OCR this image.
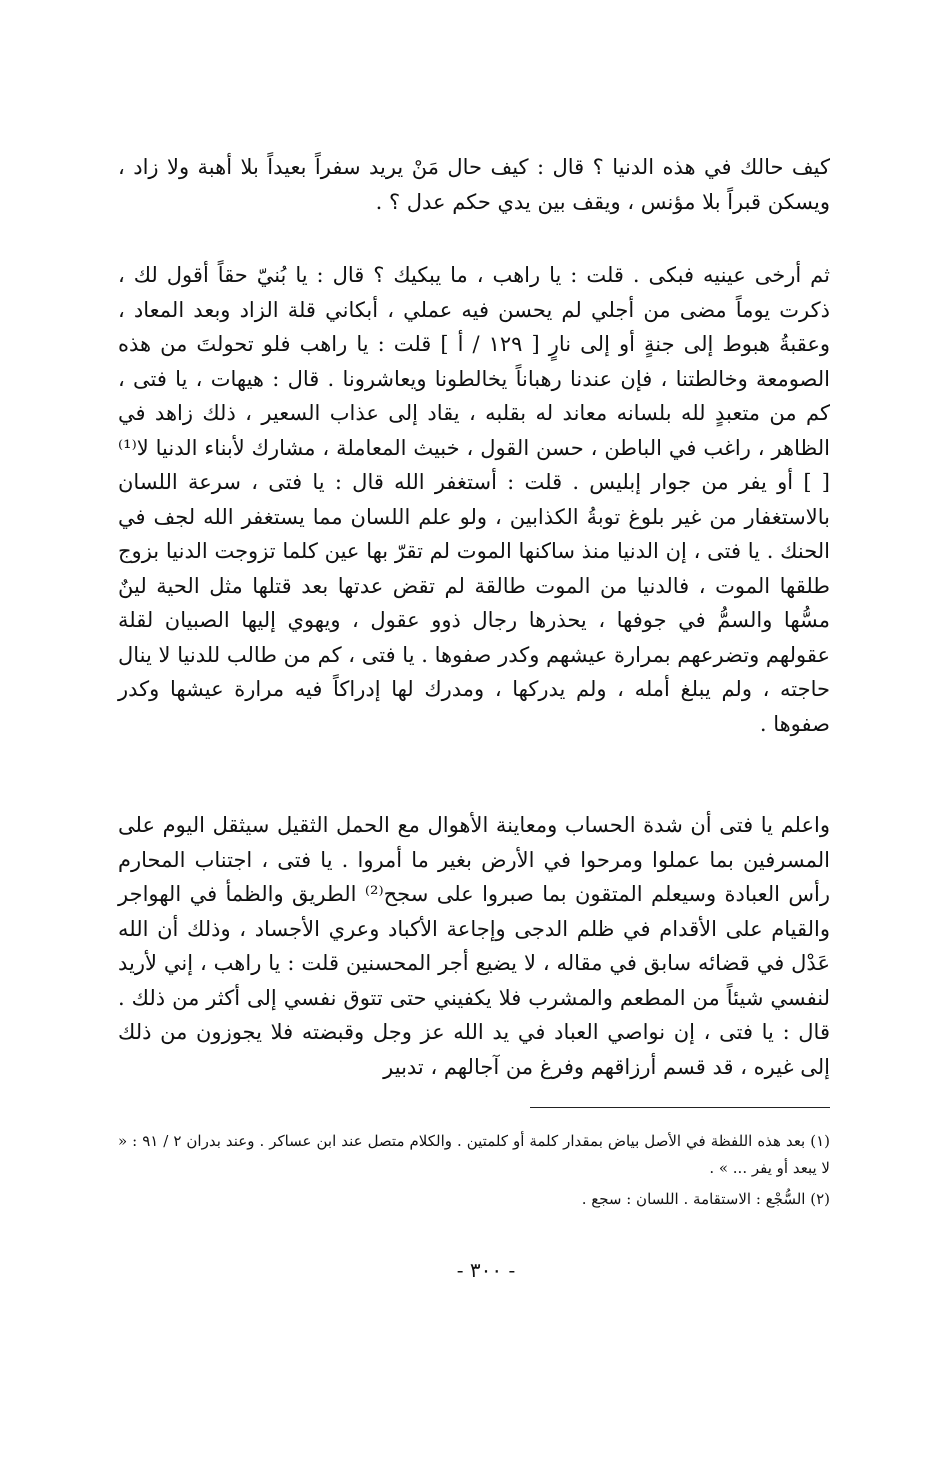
كيف حالك في هذه الدنيا ؟ قال : كيف حال مَنْ يريد سفراً بعيداً بلا أهبة ولا زاد ، ويسكن قبراً بلا مؤنس ، ويقف بين يدي حكم عدل ؟ .

ثم أرخى عينيه فبكى . قلت : يا راهب ، ما يبكيك ؟ قال : يا بُنيّ حقاً أقول لك ، ذكرت يوماً مضى من أجلي لم يحسن فيه عملي ، أبكاني قلة الزاد وبعد المعاد ، وعقبةُ هبوط إلى جنةٍ أو إلى نارٍ [ ١٢٩ / أ ] قلت : يا راهب فلو تحولتَ من هذه الصومعة وخالطتنا ، فإن عندنا رهباناً يخالطونا ويعاشرونا . قال : هيهات ، يا فتى ، كم من متعبدٍ لله بلسانه معاند له بقلبه ، يقاد إلى عذاب السعير ، ذلك زاهد في الظاهر ، راغب في الباطن ، حسن القول ، خبيث المعاملة ، مشارك لأبناء الدنيا لا⁽¹⁾ [ ] أو يفر من جوار إبليس . قلت : أستغفر الله قال : يا فتى ، سرعة اللسان بالاستغفار من غير بلوغ توبةُ الكذابين ، ولو علم اللسان مما يستغفر الله لجف في الحنك . يا فتى ، إن الدنيا منذ ساكنها الموت لم تقرّ بها عين كلما تزوجت الدنيا بزوج طلقها الموت ، فالدنيا من الموت طالقة لم تقض عدتها بعد قتلها مثل الحية لينٌ مسُّها والسمُّ في جوفها ، يحذرها رجال ذوو عقول ، ويهوي إليها الصبيان لقلة عقولهم وتضرعهم بمرارة عيشهم وكدر صفوها . يا فتى ، كم من طالب للدنيا لا ينال حاجته ، ولم يبلغ أمله ، ولم يدركها ، ومدرك لها إدراكاً فيه مرارة عيشها وكدر صفوها .

واعلم يا فتى أن شدة الحساب ومعاينة الأهوال مع الحمل الثقيل سيثقل اليوم على المسرفين بما عملوا ومرحوا في الأرض بغير ما أمروا . يا فتى ، اجتناب المحارم رأس العبادة وسيعلم المتقون بما صبروا على سجح⁽²⁾ الطريق والظمأ في الهواجر والقيام على الأقدام في ظلم الدجى وإجاعة الأكباد وعري الأجساد ، وذلك أن الله عَدْل في قضائه سابق في مقاله ، لا يضيع أجر المحسنين قلت : يا راهب ، إني لأريد لنفسي شيئاً من المطعم والمشرب فلا يكفيني حتى تتوق نفسي إلى أكثر من ذلك . قال : يا فتى ، إن نواصي العباد في يد الله عز وجل وقبضته فلا يجوزون من ذلك إلى غيره ، قد قسم أرزاقهم وفرغ من آجالهم ، تدبير

(١) بعد هذه اللفظة في الأصل بياض بمقدار كلمة أو كلمتين . والكلام متصل عند ابن عساكر . وعند بدران ٢ / ٩١ : « لا يبعد أو يفر ... » .

(٢) السُّجْع : الاستقامة . اللسان : سجع .

- ٣٠٠ -
